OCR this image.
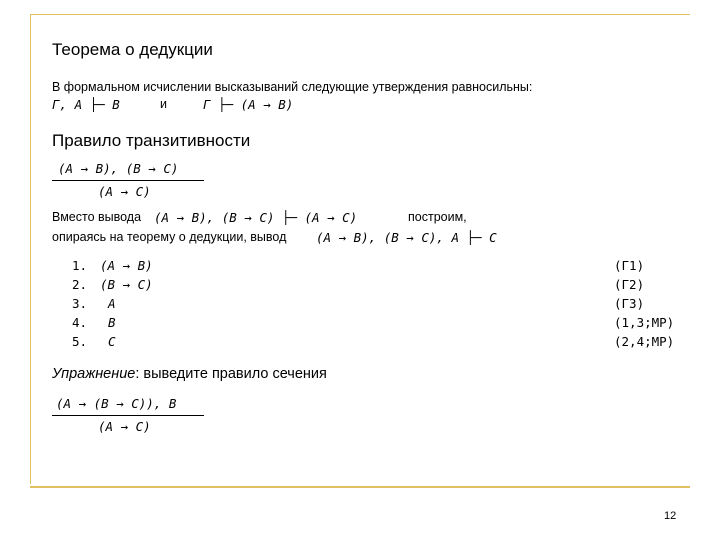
Теорема о дедукции
В формальном исчислении высказываний следующие утверждения равносильны:
Г, A ├─ B	и	Г ├─ (A → B)
Правило транзитивности
(A → B), (B → C)
(A → C)
Вместо вывода (A → B), (B → C) ├─ (A → C)	построим,
опираясь на теорему о дедукции, вывод (A → B), (B → C), A ├─ C
1. (A → B)	(Г1)
2. (B → C)	(Г2)
3. A	(Г3)
4. B	(1,3;MP)
5. C	(2,4;MP)
Упражнение: выведите правило сечения
(A → (B → C)), B
(A → C)
12
